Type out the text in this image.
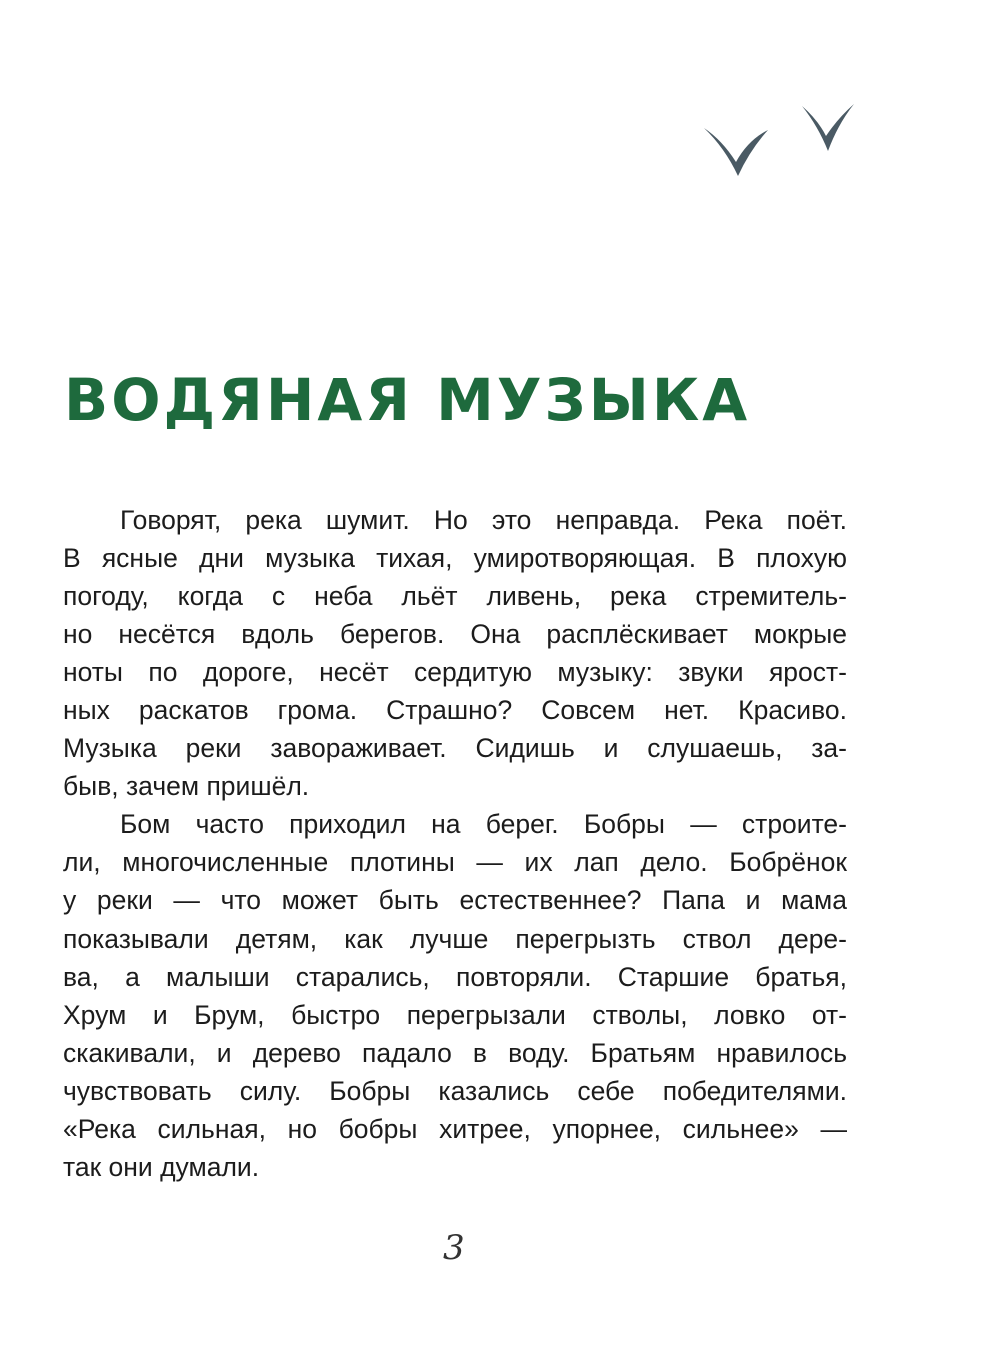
ВОДЯНАЯ МУЗЫКА
Говорят, река шумит. Но это неправда. Река поёт.
В ясные дни музыка тихая, умиротворяющая. В плохую
погоду, когда с неба льёт ливень, река стремитель-
но несётся вдоль берегов. Она расплёскивает мокрые
ноты по дороге, несёт сердитую музыку: звуки ярост-
ных раскатов грома. Страшно? Совсем нет. Красиво.
Музыка реки завораживает. Сидишь и слушаешь, за-
быв, зачем пришёл.
Бом часто приходил на берег. Бобры — строите-
ли, многочисленные плотины — их лап дело. Бобрёнок
у реки — что может быть естественнее? Папа и мама
показывали детям, как лучше перегрызть ствол дере-
ва, а малыши старались, повторяли. Старшие братья,
Хрум и Брум, быстро перегрызали стволы, ловко от-
скакивали, и дерево падало в воду. Братьям нравилось
чувствовать силу. Бобры казались себе победителями.
«Река сильная, но бобры хитрее, упорнее, сильнее» —
так они думали.
3
